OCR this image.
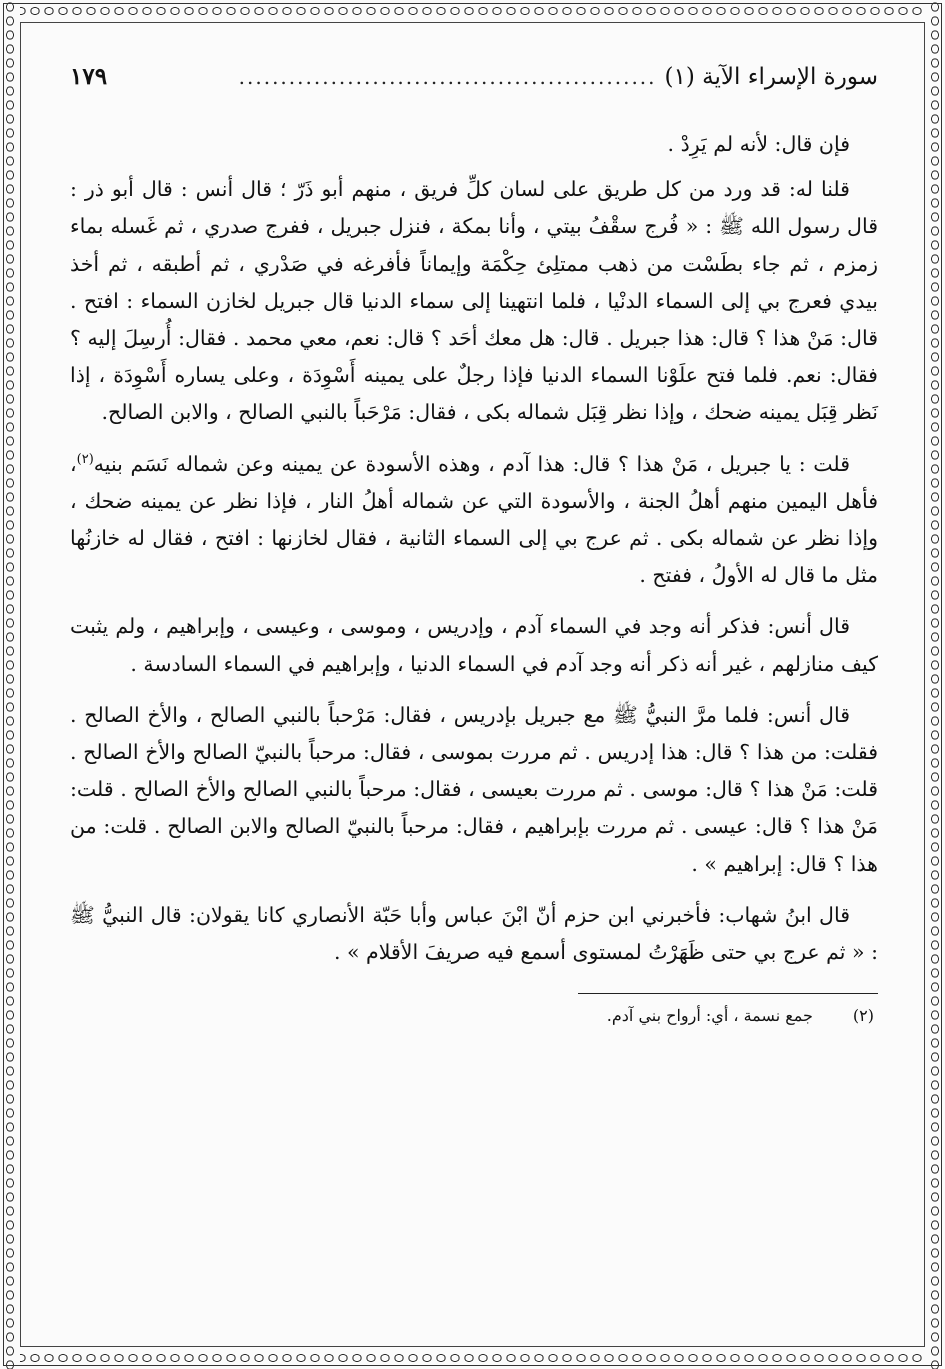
سورة الإسراء الآية (١)
..................................................
١٧٩

فإن قال: لأنه لم يَرِدْ .

قلنا له: قد ورد من كل طريق على لسان كلِّ فريق ، منهم أبو ذَرّ ؛ قال أنس : قال أبو ذر : قال رسول الله ﷺ : « فُرج سقْفُ بيتي ، وأنا بمكة ، فنزل جبريل ، ففرج صدري ، ثم غَسله بماء زمزم ، ثم جاء بطَسْت من ذهب ممتلِئ حِكْمَة وإيماناً فأفرغه في صَدْري ، ثم أطبقه ، ثم أخذ بيدي فعرج بي إلى السماء الدنْيا ، فلما انتهينا إلى سماء الدنيا قال جبريل لخازن السماء : افتح . قال: مَنْ هذا ؟ قال: هذا جبريل . قال: هل معك أحَد ؟ قال: نعم، معي محمد . فقال: أُرسِلَ إليه ؟ فقال: نعم. فلما فتح علَوْنا السماء الدنيا فإذا رجلٌ على يمينه أَسْوِدَة ، وعلى يساره أَسْوِدَة ، إذا نَظر قِبَل يمينه ضحك ، وإذا نظر قِبَل شماله بكى ، فقال: مَرْحَباً بالنبي الصالح ، والابن الصالح.

قلت : يا جبريل ، مَنْ هذا ؟ قال: هذا آدم ، وهذه الأسودة عن يمينه وعن شماله نَسَم بنيه$^{(٢)}$، فأهل اليمين منهم أهلُ الجنة ، والأسودة التي عن شماله أهلُ النار ، فإذا نظر عن يمينه ضحك ، وإذا نظر عن شماله بكى . ثم عرج بي إلى السماء الثانية ، فقال لخازنها : افتح ، فقال له خازنُها مثل ما قال له الأولُ ، ففتح .

قال أنس: فذكر أنه وجد في السماء آدم ، وإدريس ، وموسى ، وعيسى ، وإبراهيم ، ولم يثبت كيف منازلهم ، غير أنه ذكر أنه وجد آدم في السماء الدنيا ، وإبراهيم في السماء السادسة .

قال أنس: فلما مرَّ النبيُّ ﷺ مع جبريل بإدريس ، فقال: مَرْحباً بالنبي الصالح ، والأخ الصالح . فقلت: من هذا ؟ قال: هذا إدريس . ثم مررت بموسى ، فقال: مرحباً بالنبيّ الصالح والأخ الصالح . قلت: مَنْ هذا ؟ قال: موسى . ثم مررت بعيسى ، فقال: مرحباً بالنبي الصالح والأخ الصالح . قلت: مَنْ هذا ؟ قال: عيسى . ثم مررت بإبراهيم ، فقال: مرحباً بالنبيّ الصالح والابن الصالح . قلت: من هذا ؟ قال: إبراهيم » .

قال ابنُ شهاب: فأخبرني ابن حزم أنّ ابْنَ عباس وأبا حَبّة الأنصاري كانا يقولان: قال النبيُّ ﷺ : « ثم عرج بي حتى ظَهَرْتُ لمستوى أسمع فيه صريفَ الأقلام » .

(٢)
جمع نسمة ، أي: أرواح بني آدم.
